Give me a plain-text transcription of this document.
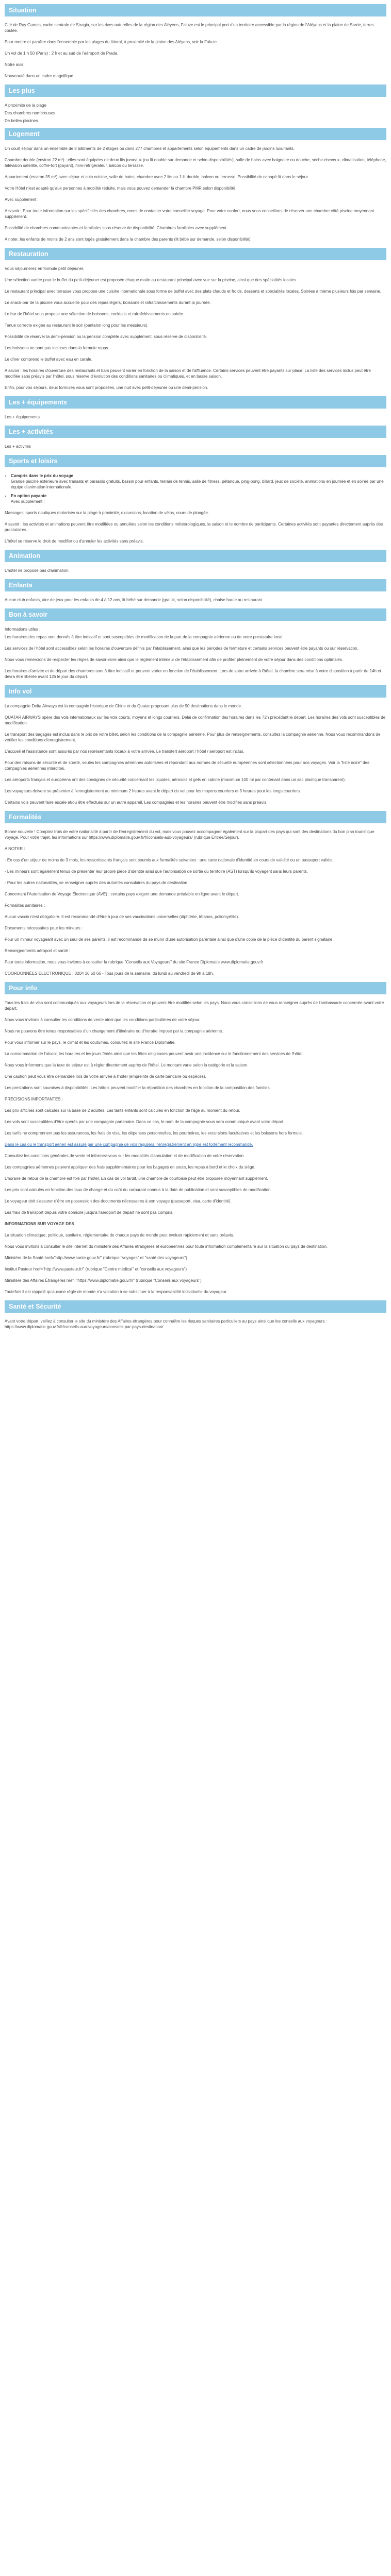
Situation

Cité de Ruy Gumes, cadre centrale de Stragia, sur les rives naturelles de la région des Aléyens, Faluze est le principal port d'un territoire accessible par la région de l'Aléyens et la plaine de Sarrie, terres coulée.

Pour mettre et paraître dans l'ensemble par les plages du littoral, à proximité de la plaine des Aléyens, voir la Faluze.

Un vol de 1 h 50 (Paris) ; 2 h et au sud de l'aéroport de Prada.

Notre avis :

Nouveauté dans un cadre magnifique

Les plus

A proximité de la plage

Des chambres nombreuses

De belles piscines

Logement

Un court séjour dans un ensemble de 8 bâtiments de 2 étages ou dans 277 chambres et appartements selon équipements dans un cadre de jardins luxuriants.

Chambre double (environ 22 m²) : elles sont équipées de deux lits jumeaux (ou lit double sur demande et selon disponibilités), salle de bains avec baignoire ou douche, sèche-cheveux, climatisation, téléphone, télévision satellite, coffre-fort (payant), mini-réfrigérateur, balcon ou terrasse.

Appartement (environ 35 m²) avec séjour et coin cuisine, salle de bains, chambre avec 2 lits ou 1 lit double, balcon ou terrasse. Possibilité de canapé-lit dans le séjour.

Votre Hôtel n'est adapté qu'aux personnes à mobilité réduite, mais vous pouvez demander la chambre PMR selon disponibilité.

Avec supplément :

A savoir : Pour toute information sur les spécificités des chambres, merci de contacter votre conseiller voyage. Pour votre confort, nous vous conseillons de réserver une chambre côté piscine moyennant supplément.

Possibilité de chambres communicantes et familiales sous réserve de disponibilité. Chambres familiales avec supplément.

A noter, les enfants de moins de 2 ans sont logés gratuitement dans la chambre des parents (lit bébé sur demande, selon disponibilité).

Restauration

Vous séjournerez en formule petit déjeuner.

Une sélection variée pour le buffet du petit-déjeuner est proposée chaque matin au restaurant principal avec vue sur la piscine, ainsi que des spécialités locales.

Le restaurant principal avec terrasse vous propose une cuisine internationale sous forme de buffet avec des plats chauds et froids, desserts et spécialités locales. Soirées à thème plusieurs fois par semaine.

Le snack-bar de la piscine vous accueille pour des repas légers, boissons et rafraîchissements durant la journée.

Le bar de l'hôtel vous propose une sélection de boissons, cocktails et rafraîchissements en soirée.

Tenue correcte exigée au restaurant le soir (pantalon long pour les messieurs).

Possibilité de réserver la demi-pension ou la pension complète avec supplément, sous réserve de disponibilité.

Les boissons ne sont pas incluses dans la formule repas.

Le dîner comprend le buffet avec eau en carafe.

A savoir : les horaires d'ouverture des restaurants et bars peuvent varier en fonction de la saison et de l'affluence. Certains services peuvent être payants sur place. La liste des services inclus peut être modifiée sans préavis par l'hôtel, sous réserve d'évolution des conditions sanitaires ou climatiques, et en basse saison.

Enfin, pour vos séjours, deux formules vous sont proposées, une nuit avec petit-déjeuner ou une demi-pension.

Les + équipements

Les + équipements

Les + activités

Les + activités

Sports et loisirs
• Compris dans le prix du voyage
Grande piscine extérieure avec transats et parasols gratuits, bassin pour enfants, terrain de tennis, salle de fitness, pétanque, ping-pong, billard, jeux de société, animations en journée et en soirée par une équipe d'animation internationale.
• En option payante
Avec supplément :

Massages, sports nautiques motorisés sur la plage à proximité, excursions, location de vélos, cours de plongée.

A savoir : les activités et animations peuvent être modifiées ou annulées selon les conditions météorologiques, la saison et le nombre de participants. Certaines activités sont payantes directement auprès des prestataires.

L'hôtel se réserve le droit de modifier ou d'annuler les activités sans préavis.

Animation

L'hôtel ne propose pas d'animation.

Enfants

Aucun club enfants, aire de jeux pour les enfants de 4 à 12 ans, lit bébé sur demande (gratuit, selon disponibilité), chaise haute au restaurant.

Bon à savoir

Informations utiles :

Les horaires des repas sont donnés à titre indicatif et sont susceptibles de modification de la part de la compagnie aérienne ou de votre prestataire local.

Les services de l'hôtel sont accessibles selon les horaires d'ouverture définis par l'établissement, ainsi que les périodes de fermeture et certains services peuvent être payants ou sur réservation.

Nous vous remercions de respecter les règles de savoir-vivre ainsi que le règlement intérieur de l'établissement afin de profiter pleinement de votre séjour dans des conditions optimales.

Les horaires d'arrivée et de départ des chambres sont à titre indicatif et peuvent varier en fonction de l'établissement. Lors de votre arrivée à l'hôtel, la chambre sera mise à votre disposition à partir de 14h et devra être libérée avant 12h le jour du départ.

Info vol

La compagnie Delta Airways est la compagnie historique de Chine et du Quatar proposant plus de 90 destinations dans le monde.

QUATAR AIRWAYS opère des vols internationaux sur les vols courts, moyens et longs courriers. Délai de confirmation des horaires dans les 72h précédant le départ. Les horaires des vols sont susceptibles de modification.

Le transport des bagages est inclus dans le prix de votre billet, selon les conditions de la compagnie aérienne. Pour plus de renseignements, consultez la compagnie aérienne. Nous vous recommandons de vérifier les conditions d'enregistrement.

L'accueil et l'assistance sont assurés par nos représentants locaux à votre arrivée. Le transfert aéroport / hôtel / aéroport est inclus.

Pour des raisons de sécurité et de sûreté, seules les compagnies aériennes autorisées et répondant aux normes de sécurité européennes sont sélectionnées pour nos voyages. Voir la "liste noire" des compagnies aériennes interdites.

Les aéroports français et européens ont des consignes de sécurité concernant les liquides, aérosols et gels en cabine (maximum 100 ml par contenant dans un sac plastique transparent).

Les voyageurs doivent se présenter à l'enregistrement au minimum 2 heures avant le départ du vol pour les moyens courriers et 3 heures pour les longs courriers.

Certains vols peuvent faire escale et/ou être effectués sur un autre appareil. Les compagnies et les horaires peuvent être modifiés sans préavis.

Formalités

Bonne nouvelle ! Comptez trois de votre nationalité à partir de l'enregistrement du vol, mais vous pouvez accompagner également sur la plupart des pays qui sont des destinations du bon plan touristique voyagé. Pour votre trajet, les informations sur https://www.diplomatie.gouv.fr/fr/conseils-aux-voyageurs/ (rubrique Entrée/Séjour).

A NOTER :

- En cas d'un séjour de moins de 3 mois, les ressortissants français sont soumis aux formalités suivantes : une carte nationale d'identité en cours de validité ou un passeport valide.

- Les mineurs sont également tenus de présenter leur propre pièce d'identité ainsi que l'autorisation de sortie du territoire (AST) lorsqu'ils voyagent sans leurs parents.

- Pour les autres nationalités, se renseigner auprès des autorités consulaires du pays de destination.

Concernant l'Autorisation de Voyage Électronique (AVE) : certains pays exigent une demande préalable en ligne avant le départ.

Formalités sanitaires :

Aucun vaccin n'est obligatoire. Il est recommandé d'être à jour de ses vaccinations universelles (diphtérie, tétanos, poliomyélite).

Documents nécessaires pour les mineurs :

Pour un mineur voyageant avec un seul de ses parents, il est recommandé de se munir d'une autorisation parentale ainsi que d'une copie de la pièce d'identité du parent signataire.

Renseignements aéroport et santé :

Pour toute information, nous vous invitons à consulter la rubrique "Conseils aux Voyageurs" du site France Diplomatie www.diplomatie.gouv.fr

COORDONNÉES ÉLECTRONIQUE : 0204 16 50 66 - Tous jours de la semaine, du lundi au vendredi de 9h à 18h.

Pour info

Tous les frais de visa sont communiqués aux voyageurs lors de la réservation et peuvent être modifiés selon les pays. Nous vous conseillons de vous renseigner auprès de l'ambassade concernée avant votre départ.

Nous vous invitons à consulter les conditions de vente ainsi que les conditions particulières de votre séjour.

Nous ne pouvons être tenus responsables d'un changement d'itinéraire ou d'horaire imposé par la compagnie aérienne.

Pour vous informer sur le pays, le climat et les coutumes, consultez le site France Diplomatie.

La consommation de l'alcool, les horaires et les jours fériés ainsi que les fêtes religieuses peuvent avoir une incidence sur le fonctionnement des services de l'hôtel.

Nous vous informons que la taxe de séjour est à régler directement auprès de l'hôtel. Le montant varie selon la catégorie et la saison.

Une caution peut vous être demandée lors de votre arrivée à l'hôtel (empreinte de carte bancaire ou espèces).

Les prestations sont soumises à disponibilités. Les hôtels peuvent modifier la répartition des chambres en fonction de la composition des familles.

PRÉCISIONS IMPORTANTES :

Les prix affichés sont calculés sur la base de 2 adultes. Les tarifs enfants sont calculés en fonction de l'âge au moment du retour.

Les vols sont susceptibles d'être opérés par une compagnie partenaire. Dans ce cas, le nom de la compagnie vous sera communiqué avant votre départ.

Les tarifs ne comprennent pas les assurances, les frais de visa, les dépenses personnelles, les pourboires, les excursions facultatives et les boissons hors formule.

Dans le cas où le transport aérien est assuré par une compagnie de vols réguliers, l'enregistrement en ligne est fortement recommandé.

Consultez les conditions générales de vente et informez-vous sur les modalités d'annulation et de modification de votre réservation.

Les compagnies aériennes peuvent appliquer des frais supplémentaires pour les bagages en soute, les repas à bord et le choix du siège.

L'horaire de retour de la chambre est fixé par l'hôtel. En cas de vol tardif, une chambre de courtoisie peut être proposée moyennant supplément.

Les prix sont calculés en fonction des taux de change et du coût du carburant connus à la date de publication et sont susceptibles de modification.

Le voyageur doit s'assurer d'être en possession des documents nécessaires à son voyage (passeport, visa, carte d'identité).

Les frais de transport depuis votre domicile jusqu'à l'aéroport de départ ne sont pas compris.

INFORMATIONS SUR VOYAGE DES

La situation climatique, politique, sanitaire, réglementaire de chaque pays de monde peut évoluer rapidement et sans préavis.

Nous vous invitons à consulter le site internet du ministère des Affaires étrangères et européennes pour toute information complémentaire sur la situation du pays de destination.

Ministère de la Santé href="http://www.sante.gouv.fr/" (rubrique "voyages" et "santé des voyageurs")

Institut Pasteur href="http://www.pasteur.fr/" (rubrique "Centre médical" et "conseils aux voyageurs")

Ministère des Affaires Étrangères href="https://www.diplomatie.gouv.fr/" (rubrique "Conseils aux voyageurs")

Toutefois il est rappelé qu'aucune règle de monde n'a vocation à se substituer à la responsabilité individuelle du voyageur.

Santé et Sécurité

Avant votre départ, veillez à consulter le site du ministère des Affaires étrangères pour connaître les risques sanitaires particuliers au pays ainsi que les conseils aux voyageurs : https://www.diplomatie.gouv.fr/fr/conseils-aux-voyageurs/conseils-par-pays-destination/
